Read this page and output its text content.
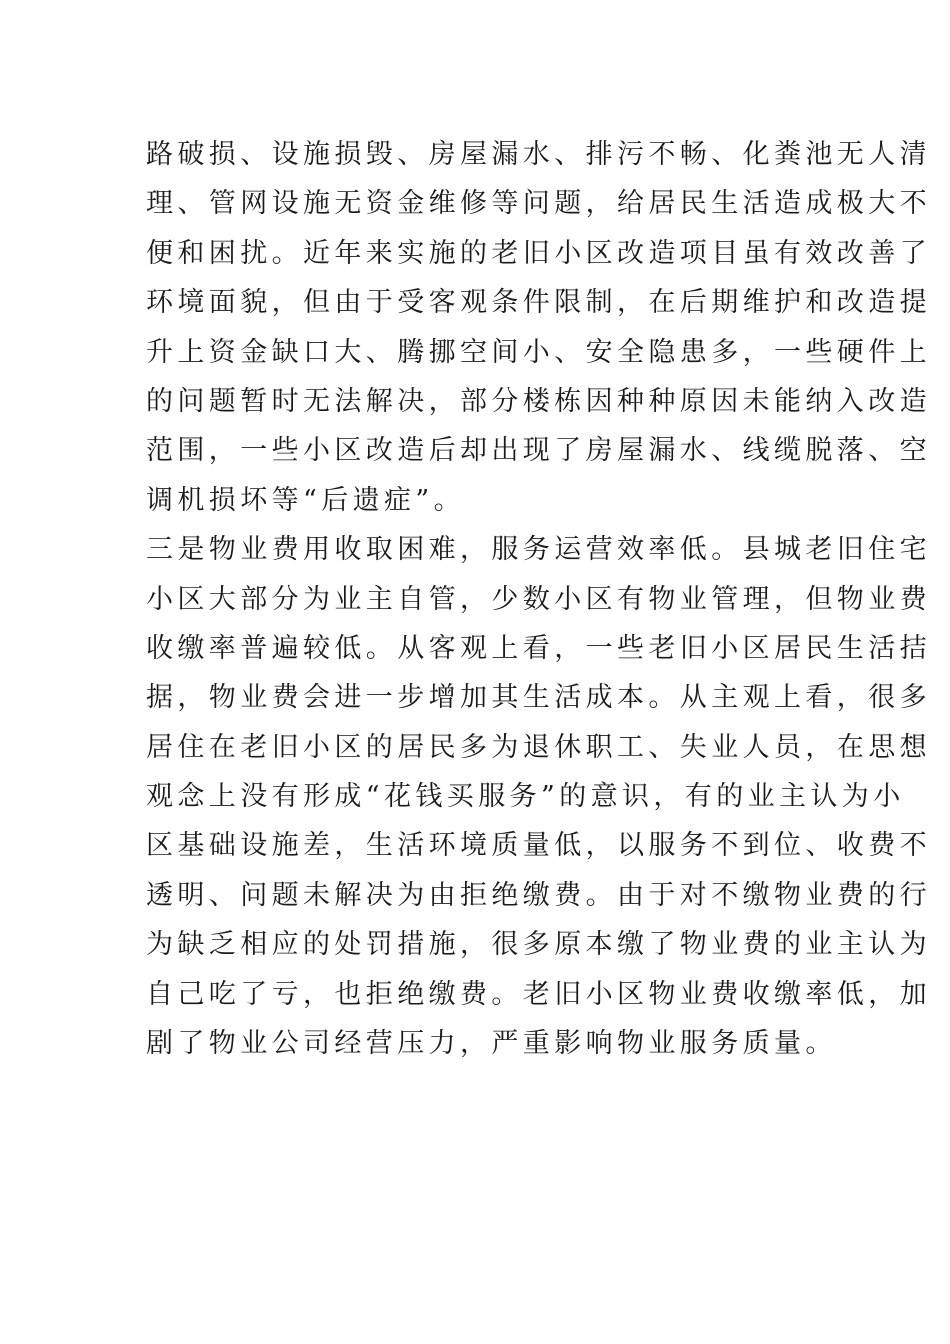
路破损、设施损毁、房屋漏水、排污不畅、化粪池无人清
理、管网设施无资金维修等问题，给居民生活造成极大不
便和困扰。近年来实施的老旧小区改造项目虽有效改善了
环境面貌，但由于受客观条件限制，在后期维护和改造提
升上资金缺口大、腾挪空间小、安全隐患多，一些硬件上
的问题暂时无法解决，部分楼栋因种种原因未能纳入改造
范围，一些小区改造后却出现了房屋漏水、线缆脱落、空
调机损坏等“后遗症”。
三是物业费用收取困难，服务运营效率低。县城老旧住宅
小区大部分为业主自管，少数小区有物业管理，但物业费
收缴率普遍较低。从客观上看，一些老旧小区居民生活拮
据，物业费会进一步增加其生活成本。从主观上看，很多
居住在老旧小区的居民多为退休职工、失业人员，在思想
观念上没有形成“花钱买服务”的意识，有的业主认为小
区基础设施差，生活环境质量低，以服务不到位、收费不
透明、问题未解决为由拒绝缴费。由于对不缴物业费的行
为缺乏相应的处罚措施，很多原本缴了物业费的业主认为
自己吃了亏，也拒绝缴费。老旧小区物业费收缴率低，加
剧了物业公司经营压力，严重影响物业服务质量。
